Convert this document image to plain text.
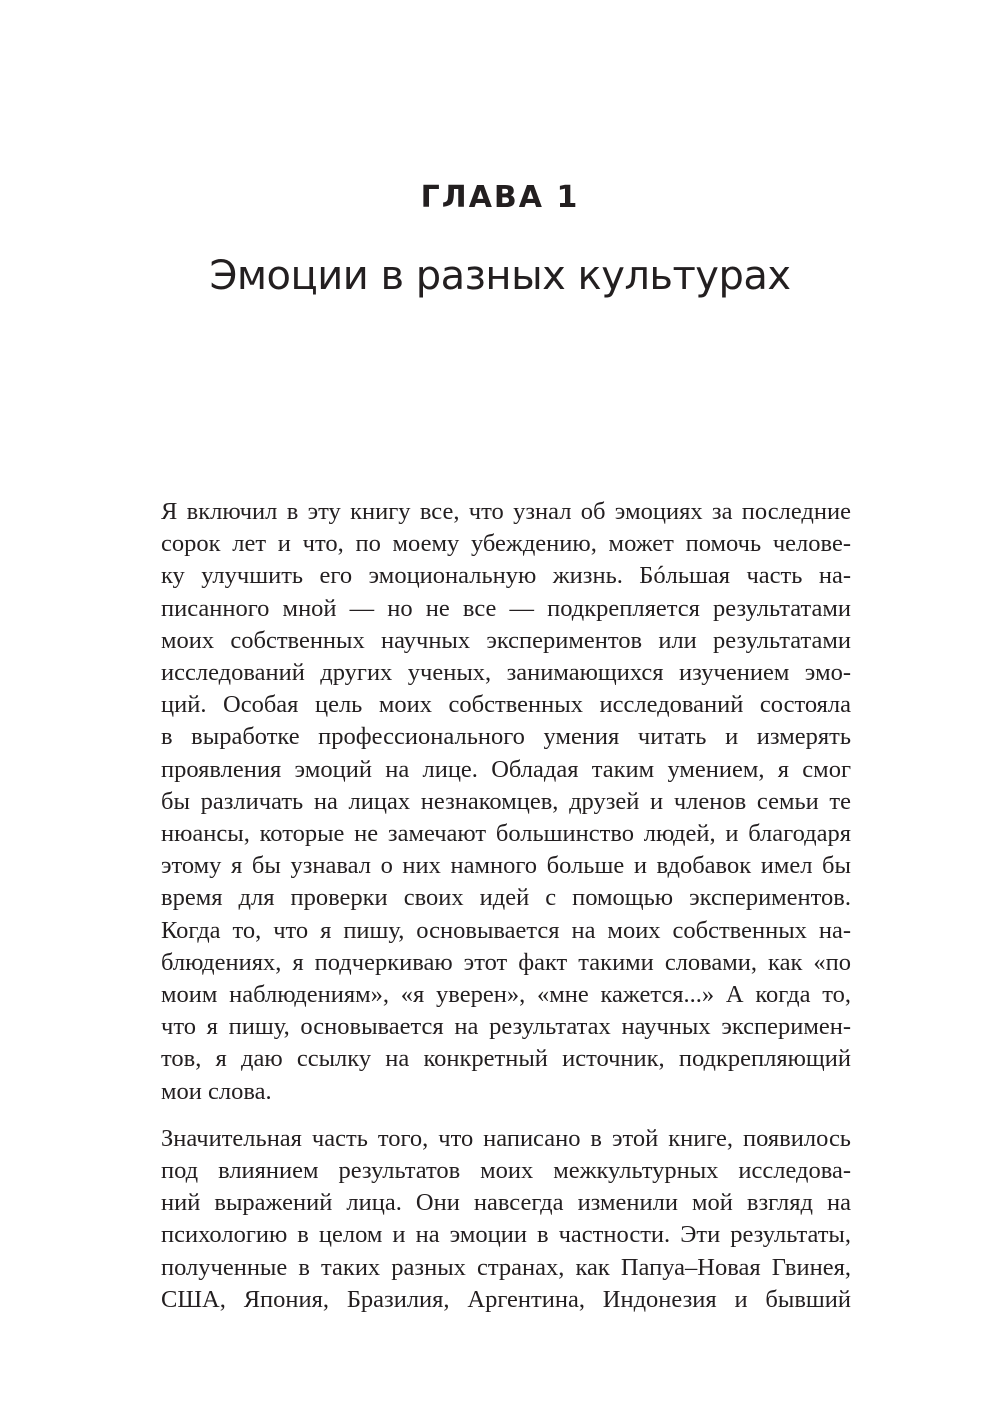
ГЛАВА 1
Эмоции в разных культурах

Я включил в эту книгу все, что узнал об эмоциях за последние
сорок лет и что, по моему убеждению, может помочь челове-
ку улучшить его эмоциональную жизнь. Бóльшая часть на-
писанного мной — но не все — подкрепляется результатами
моих собственных научных экспериментов или результатами
исследований других ученых, занимающихся изучением эмо-
ций. Особая цель моих собственных исследований состояла
в выработке профессионального умения читать и измерять
проявления эмоций на лице. Обладая таким умением, я смог
бы различать на лицах незнакомцев, друзей и членов семьи те
нюансы, которые не замечают большинство людей, и благодаря
этому я бы узнавал о них намного больше и вдобавок имел бы
время для проверки своих идей с помощью экспериментов.
Когда то, что я пишу, основывается на моих собственных на-
блюдениях, я подчеркиваю этот факт такими словами, как «по
моим наблюдениям», «я уверен», «мне кажется...» А когда то,
что я пишу, основывается на результатах научных эксперимен-
тов, я даю ссылку на конкретный источник, подкрепляющий
мои слова.

Значительная часть того, что написано в этой книге, появилось
под влиянием результатов моих межкультурных исследова-
ний выражений лица. Они навсегда изменили мой взгляд на
психологию в целом и на эмоции в частности. Эти результаты,
полученные в таких разных странах, как Папуа–Новая Гвинея,
США, Япония, Бразилия, Аргентина, Индонезия и бывший
